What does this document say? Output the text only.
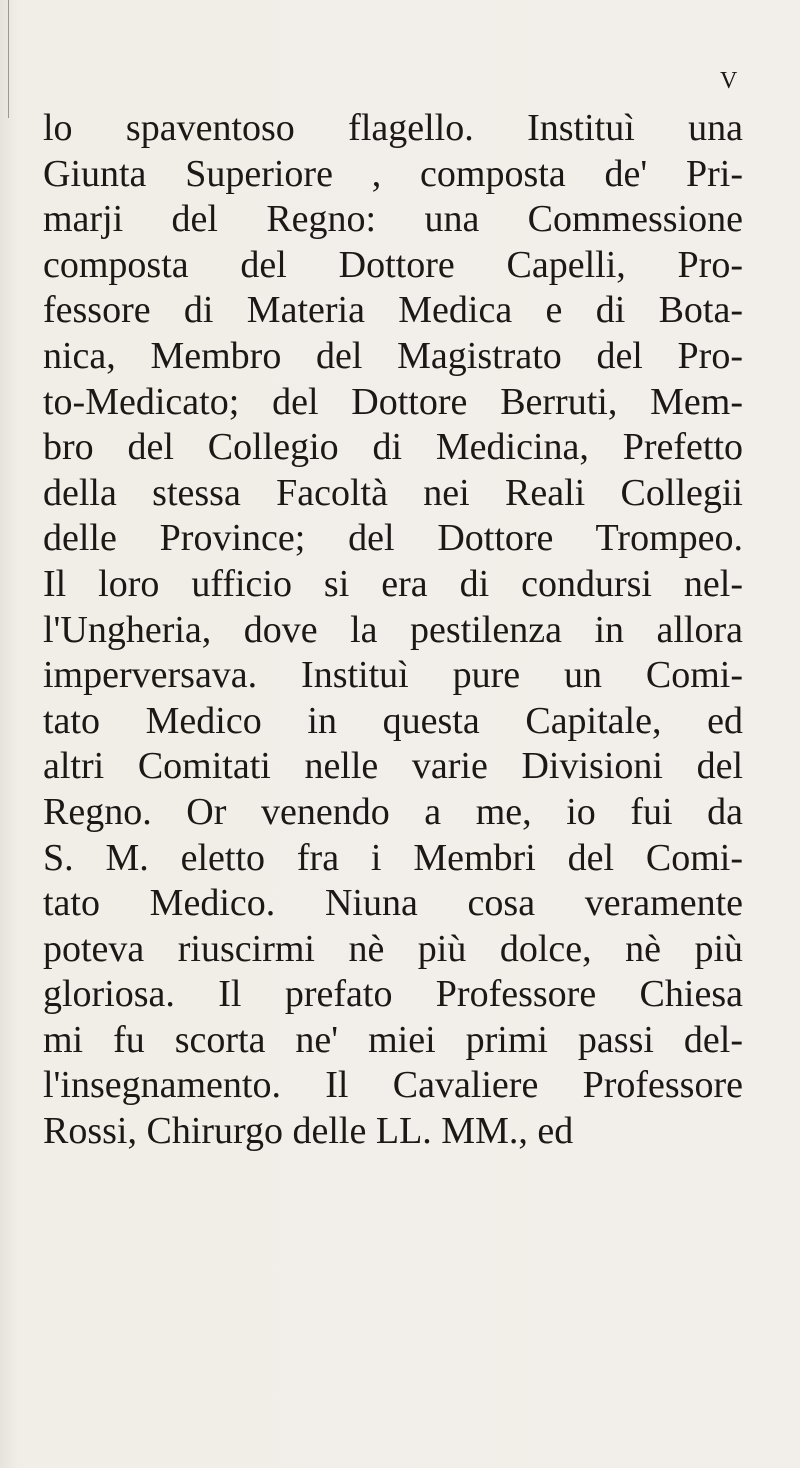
V
lo spaventoso flagello. Instituì una
Giunta Superiore , composta de' Pri-
marji del Regno: una Commessione
composta del Dottore Capelli, Pro-
fessore di Materia Medica e di Bota-
nica, Membro del Magistrato del Pro-
to-Medicato; del Dottore Berruti, Mem-
bro del Collegio di Medicina, Prefetto
della stessa Facoltà nei Reali Collegii
delle Province; del Dottore Trompeo.
Il loro ufficio si era di condursi nel-
l'Ungheria, dove la pestilenza in allora
imperversava. Instituì pure un Comi-
tato Medico in questa Capitale, ed
altri Comitati nelle varie Divisioni del
Regno. Or venendo a me, io fui da
S. M. eletto fra i Membri del Comi-
tato Medico. Niuna cosa veramente
poteva riuscirmi nè più dolce, nè più
gloriosa. Il prefato Professore Chiesa
mi fu scorta ne' miei primi passi del-
l'insegnamento. Il Cavaliere Professore
Rossi, Chirurgo delle LL. MM., ed
